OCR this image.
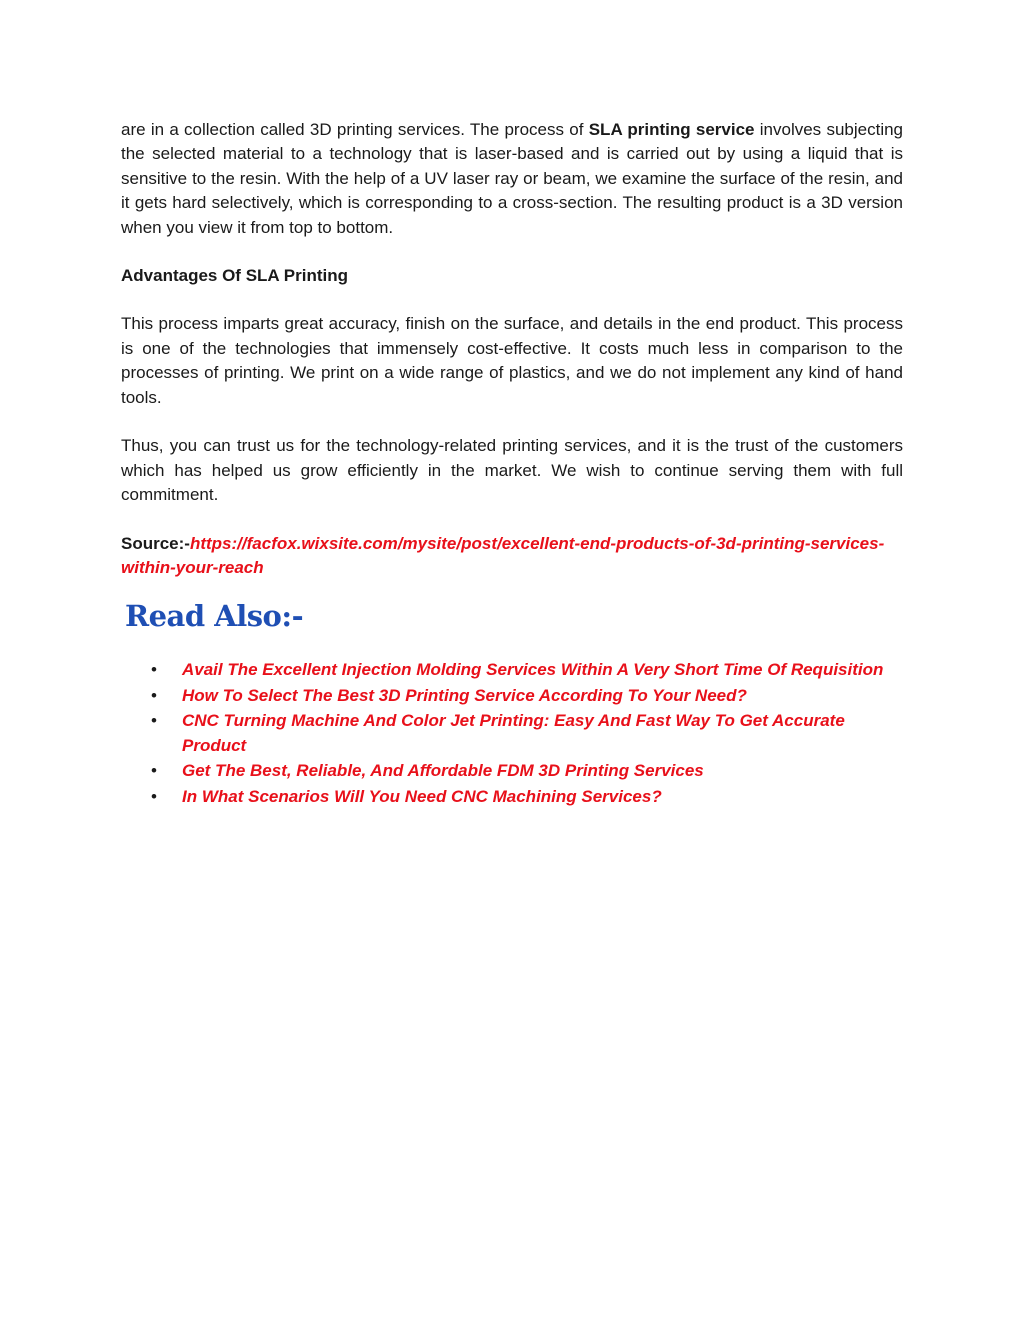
are in a collection called 3D printing services. The process of SLA printing service involves subjecting the selected material to a technology that is laser-based and is carried out by using a liquid that is sensitive to the resin. With the help of a UV laser ray or beam, we examine the surface of the resin, and it gets hard selectively, which is corresponding to a cross-section. The resulting product is a 3D version when you view it from top to bottom.

Advantages Of SLA Printing

This process imparts great accuracy, finish on the surface, and details in the end product. This process is one of the technologies that immensely cost-effective. It costs much less in comparison to the processes of printing. We print on a wide range of plastics, and we do not implement any kind of hand tools.

Thus, you can trust us for the technology-related printing services, and it is the trust of the customers which has helped us grow efficiently in the market. We wish to continue serving them with full commitment.

Source:-https://facfox.wixsite.com/mysite/post/excellent-end-products-of-3d-printing-services-within-your-reach
Read Also:-
• Avail The Excellent Injection Molding Services Within A Very Short Time Of Requisition
• How To Select The Best 3D Printing Service According To Your Need?
• CNC Turning Machine And Color Jet Printing: Easy And Fast Way To Get Accurate Product
• Get The Best, Reliable, And Affordable FDM 3D Printing Services
• In What Scenarios Will You Need CNC Machining Services?
